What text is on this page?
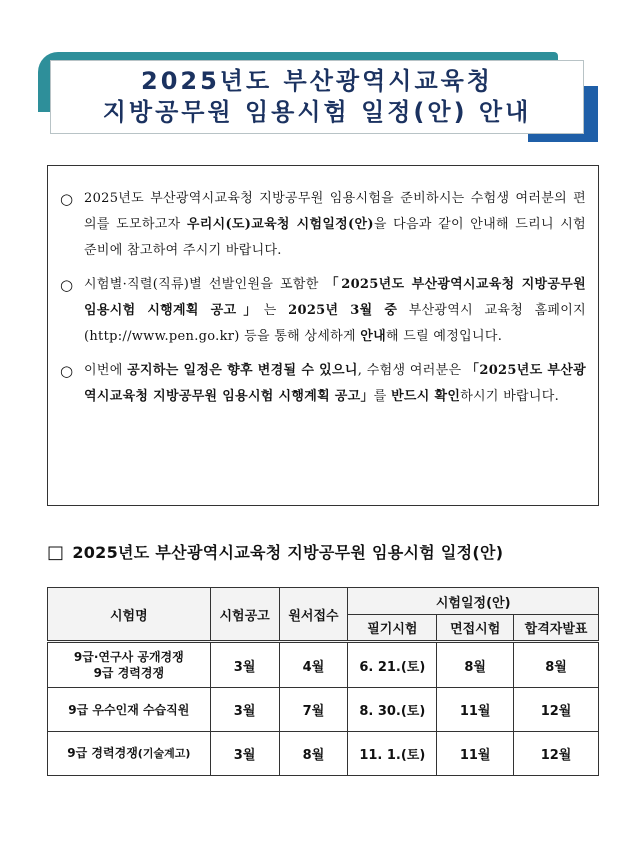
2025년도 부산광역시교육청
지방공무원 임용시험 일정(안) 안내
○ 2025년도 부산광역시교육청 지방공무원 임용시험을 준비하시는 수험생 여러분의 편의를 도모하고자 우리시(도)교육청 시험일정(안)을 다음과 같이 안내해 드리니 시험 준비에 참고하여 주시기 바랍니다.
○ 시험별·직렬(직류)별 선발인원을 포함한 「2025년도 부산광역시교육청 지방공무원 임용시험 시행계획 공고」는 2025년 3월 중 부산광역시 교육청 홈페이지(http://www.pen.go.kr) 등을 통해 상세하게 안내해 드릴 예정입니다.
○ 이번에 공지하는 일정은 향후 변경될 수 있으니, 수험생 여러분은 「2025년도 부산광역시교육청 지방공무원 임용시험 시행계획 공고」를 반드시 확인하시기 바랍니다.
□ 2025년도 부산광역시교육청 지방공무원 임용시험 일정(안)
시험명	시험공고	원서접수	시험일정(안)		
			필기시험	면접시험	합격자발표

9급·연구사 공개경쟁
9급 경력경쟁	3월	4월	6. 21.(토)	8월	8월

9급 우수인재 수습직원	3월	7월	8. 30.(토)	11월	12월
9급 경력경쟁(기술계고)	3월	8월	11. 1.(토)	11월	12월
